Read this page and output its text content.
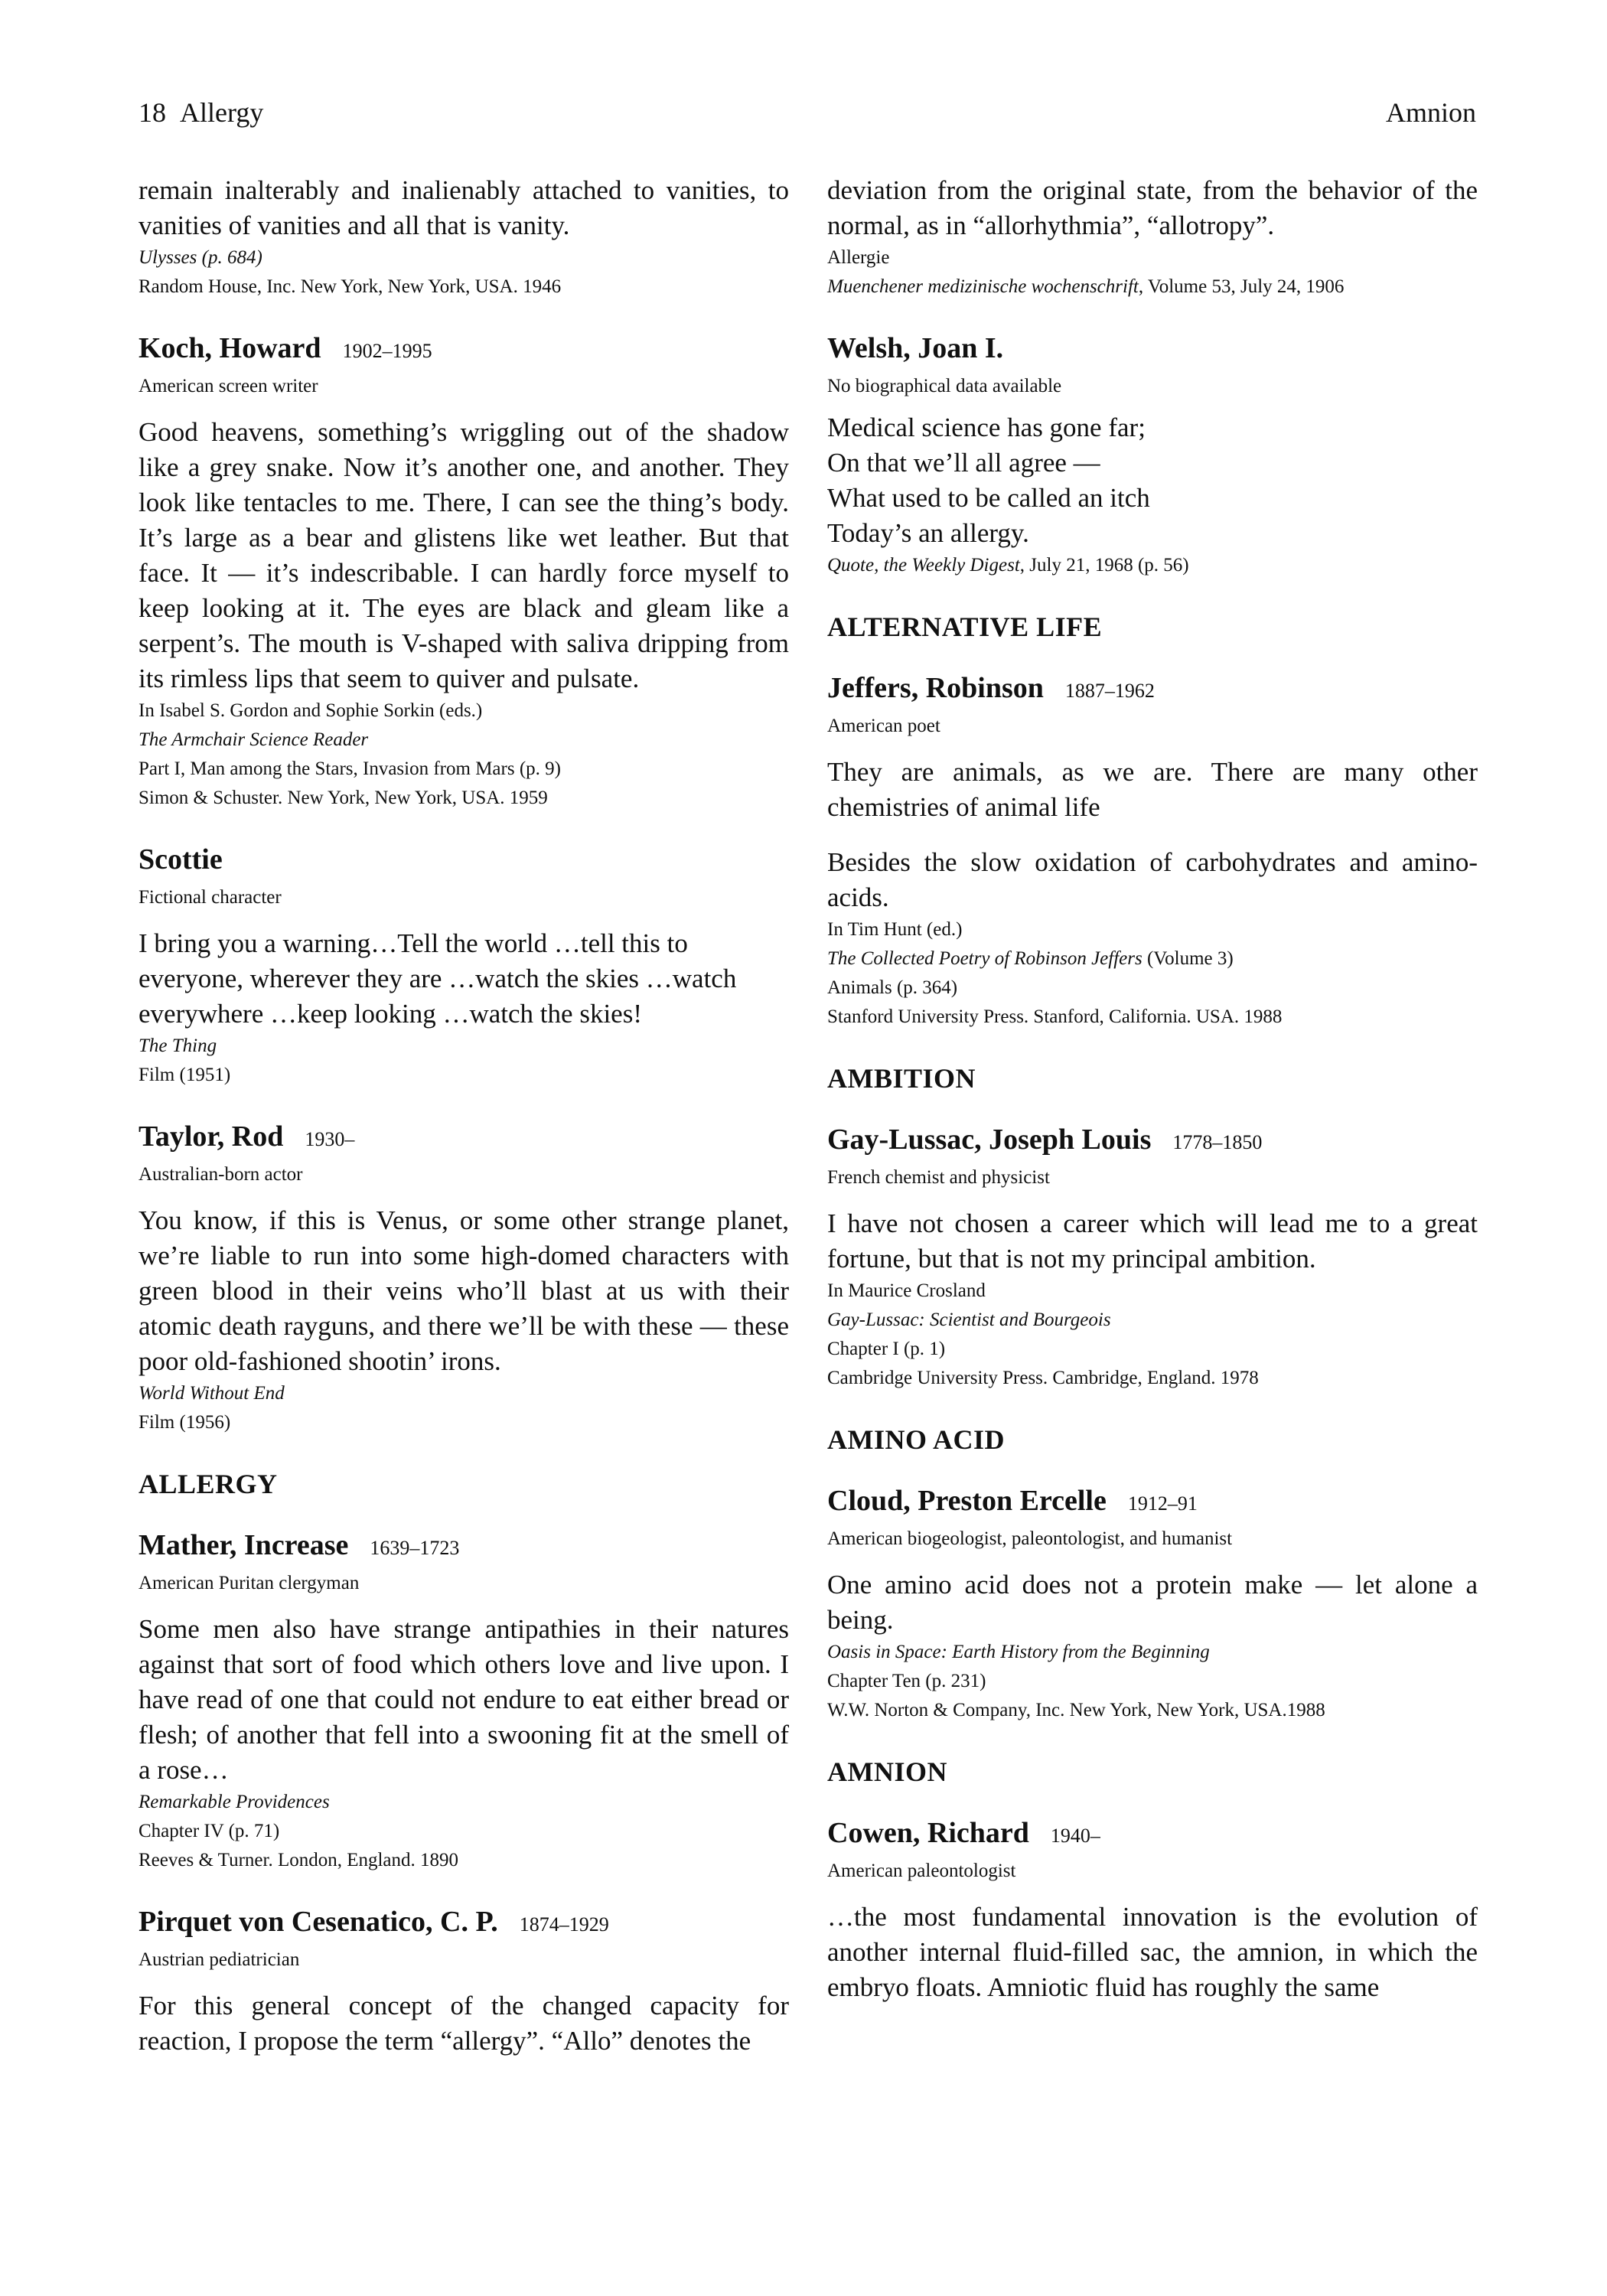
18 Allergy	Amnion

remain inalterably and inalienably attached to vanities, to vanities of vanities and all that is vanity.

Ulysses (p. 684)

Random House, Inc. New York, New York, USA. 1946

Koch, Howard 1902–1995

American screen writer

Good heavens, something’s wriggling out of the shadow like a grey snake. Now it’s another one, and another. They look like tentacles to me. There, I can see the thing’s body. It’s large as a bear and glistens like wet leather. But that face. It — it’s indescribable. I can hardly force myself to keep looking at it. The eyes are black and gleam like a serpent’s. The mouth is V-shaped with saliva dripping from its rimless lips that seem to quiver and pulsate.

In Isabel S. Gordon and Sophie Sorkin (eds.)

The Armchair Science Reader

Part I, Man among the Stars, Invasion from Mars (p. 9)

Simon & Schuster. New York, New York, USA. 1959

Scottie

Fictional character

I bring you a warning…Tell the world …tell this to everyone, wherever they are …watch the skies …watch everywhere …keep looking …watch the skies!

The Thing

Film (1951)

Taylor, Rod 1930–

Australian-born actor

You know, if this is Venus, or some other strange planet, we’re liable to run into some high-domed characters with green blood in their veins who’ll blast at us with their atomic death rayguns, and there we’ll be with these — these poor old-fashioned shootin’ irons.

World Without End

Film (1956)

ALLERGY

Mather, Increase 1639–1723

American Puritan clergyman

Some men also have strange antipathies in their natures against that sort of food which others love and live upon. I have read of one that could not endure to eat either bread or flesh; of another that fell into a swooning fit at the smell of a rose…

Remarkable Providences

Chapter IV (p. 71)

Reeves & Turner. London, England. 1890

Pirquet von Cesenatico, C. P. 1874–1929

Austrian pediatrician

For this general concept of the changed capacity for reaction, I propose the term “allergy”. “Allo” denotes the

deviation from the original state, from the behavior of the normal, as in “allorhythmia”, “allotropy”.

Allergie

Muenchener medizinische wochenschrift, Volume 53, July 24, 1906

Welsh, Joan I.

No biographical data available

Medical science has gone far;
On that we’ll all agree —
What used to be called an itch
Today’s an allergy.

Quote, the Weekly Digest, July 21, 1968 (p. 56)

ALTERNATIVE LIFE

Jeffers, Robinson 1887–1962

American poet

They are animals, as we are. There are many other chemistries of animal life

Besides the slow oxidation of carbohydrates and amino-acids.

In Tim Hunt (ed.)

The Collected Poetry of Robinson Jeffers (Volume 3)

Animals (p. 364)

Stanford University Press. Stanford, California. USA. 1988

AMBITION

Gay-Lussac, Joseph Louis 1778–1850

French chemist and physicist

I have not chosen a career which will lead me to a great fortune, but that is not my principal ambition.

In Maurice Crosland

Gay-Lussac: Scientist and Bourgeois

Chapter I (p. 1)

Cambridge University Press. Cambridge, England. 1978

AMINO ACID

Cloud, Preston Ercelle 1912–91

American biogeologist, paleontologist, and humanist

One amino acid does not a protein make — let alone a being.

Oasis in Space: Earth History from the Beginning

Chapter Ten (p. 231)

W.W. Norton & Company, Inc. New York, New York, USA.1988

AMNION

Cowen, Richard 1940–

American paleontologist

…the most fundamental innovation is the evolution of another internal fluid-filled sac, the amnion, in which the embryo floats. Amniotic fluid has roughly the same
